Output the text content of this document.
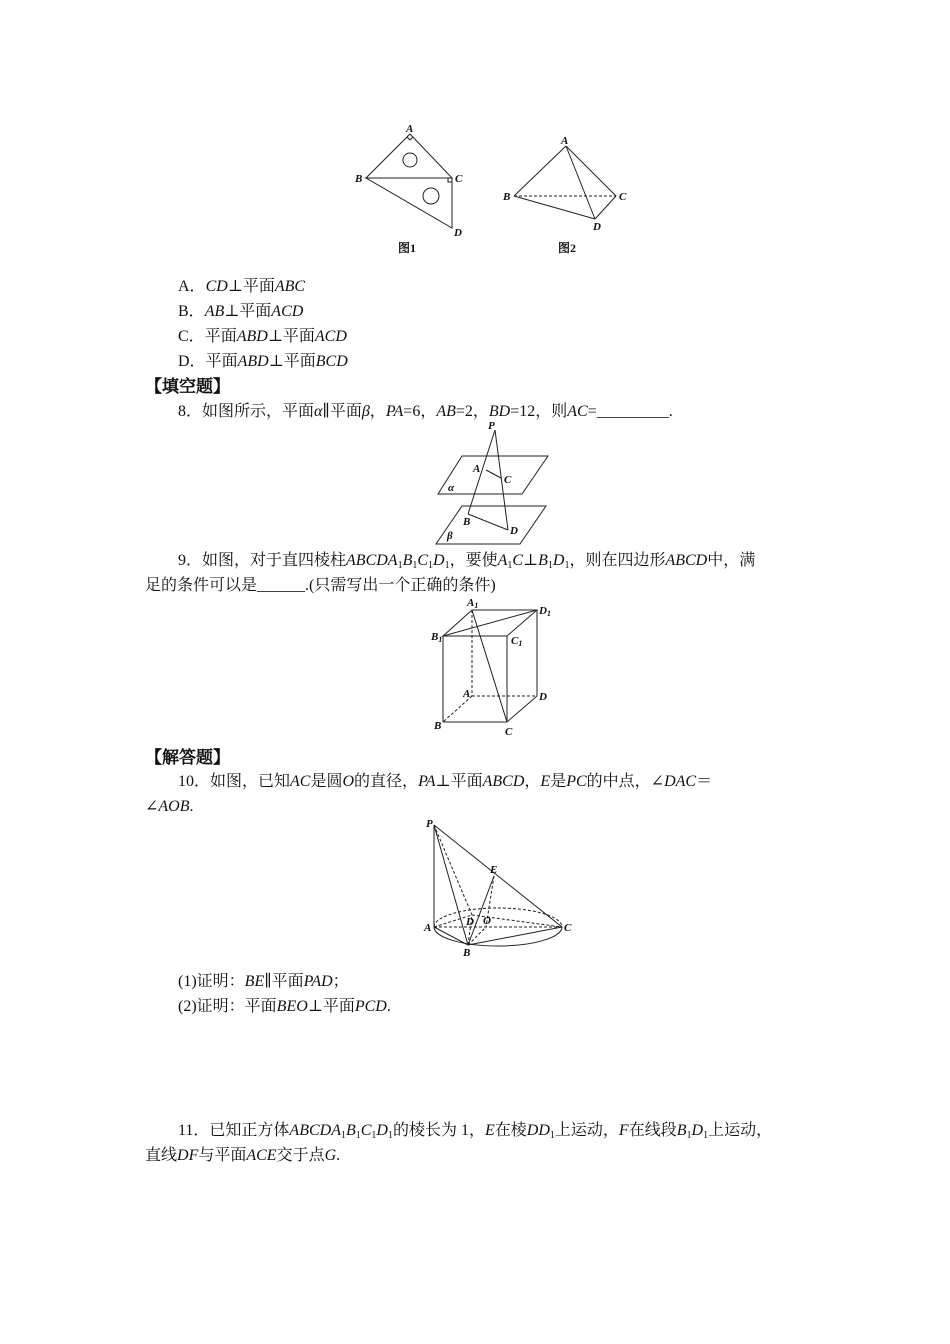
A
B	C
D
图1
A
B	C
D
图2
A．CD⊥平面ABC
B．AB⊥平面ACD
C．平面ABD⊥平面ACD
D．平面ABD⊥平面BCD
【填空题】
8．如图所示，平面α∥平面β，PA=6，AB=2，BD=12，则AC=_________.
P
A
C
α
B
D
β
9．如图，对于直四棱柱$ABCDA_1B_1C_1D_1$，要使$A_1C\perp B_1D_1$，则在四边形ABCD中，满
足的条件可以是______.(只需写出一个正确的条件)
A1	D1
B1	C1
A	D
B	C
【解答题】
10．如图，已知AC是圆O的直径，PA⊥平面ABCD，E是PC的中点，∠DAC＝
∠AOB.
P
E
D O
A	C
B
(1)证明：BE∥平面PAD；
(2)证明：平面BEO⊥平面PCD.
11．已知正方体$ABCDA_1B_1C_1D_1$的棱长为 1，E在棱$DD_1$上运动，F在线段$B_1D_1$上运动，
直线DF与平面ACE交于点G.
